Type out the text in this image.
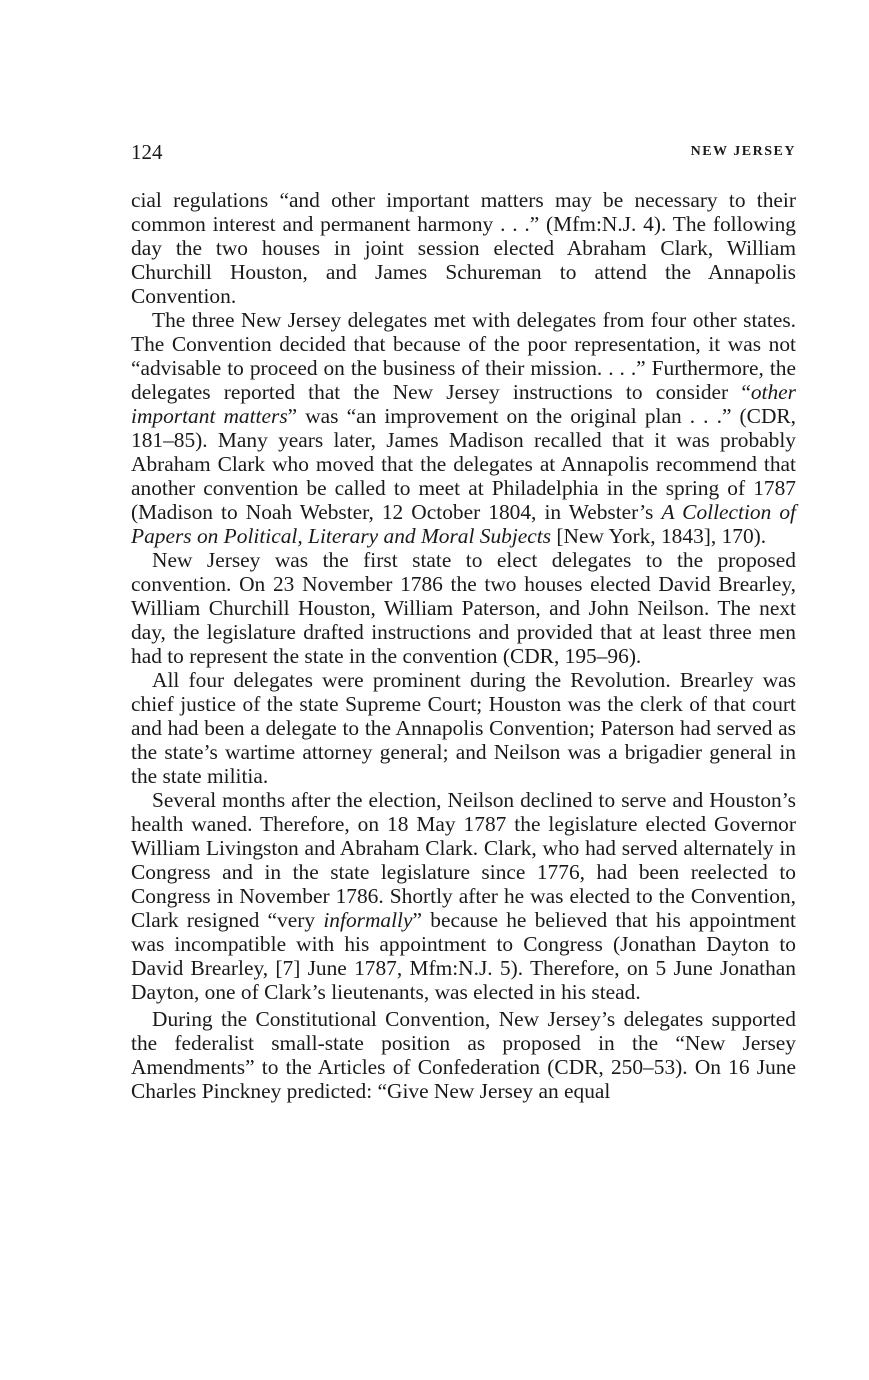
124	NEW JERSEY

cial regulations “and other important matters may be necessary to their common interest and permanent harmony . . .” (Mfm:N.J. 4). The following day the two houses in joint session elected Abraham Clark, William Churchill Houston, and James Schureman to attend the Annapolis Convention.

The three New Jersey delegates met with delegates from four other states. The Convention decided that because of the poor representation, it was not “advisable to proceed on the business of their mission. . . .” Furthermore, the delegates reported that the New Jersey instructions to consider “other important matters” was “an improvement on the original plan . . .” (CDR, 181–85). Many years later, James Madison recalled that it was probably Abraham Clark who moved that the delegates at Annapolis recommend that another convention be called to meet at Philadelphia in the spring of 1787 (Madison to Noah Webster, 12 October 1804, in Webster’s A Collection of Papers on Political, Literary and Moral Subjects [New York, 1843], 170).

New Jersey was the first state to elect delegates to the proposed convention. On 23 November 1786 the two houses elected David Brearley, William Churchill Houston, William Paterson, and John Neilson. The next day, the legislature drafted instructions and provided that at least three men had to represent the state in the convention (CDR, 195–96).

All four delegates were prominent during the Revolution. Brearley was chief justice of the state Supreme Court; Houston was the clerk of that court and had been a delegate to the Annapolis Convention; Paterson had served as the state’s wartime attorney general; and Neilson was a brigadier general in the state militia.

Several months after the election, Neilson declined to serve and Houston’s health waned. Therefore, on 18 May 1787 the legislature elected Governor William Livingston and Abraham Clark. Clark, who had served alternately in Congress and in the state legislature since 1776, had been reelected to Congress in November 1786. Shortly after he was elected to the Convention, Clark resigned “very informally” because he believed that his appointment was incompatible with his appointment to Congress (Jonathan Dayton to David Brearley, [7] June 1787, Mfm:N.J. 5). Therefore, on 5 June Jonathan Dayton, one of Clark’s lieutenants, was elected in his stead.

During the Constitutional Convention, New Jersey’s delegates supported the federalist small-state position as proposed in the “New Jersey Amendments” to the Articles of Confederation (CDR, 250–53). On 16 June Charles Pinckney predicted: “Give New Jersey an equal
